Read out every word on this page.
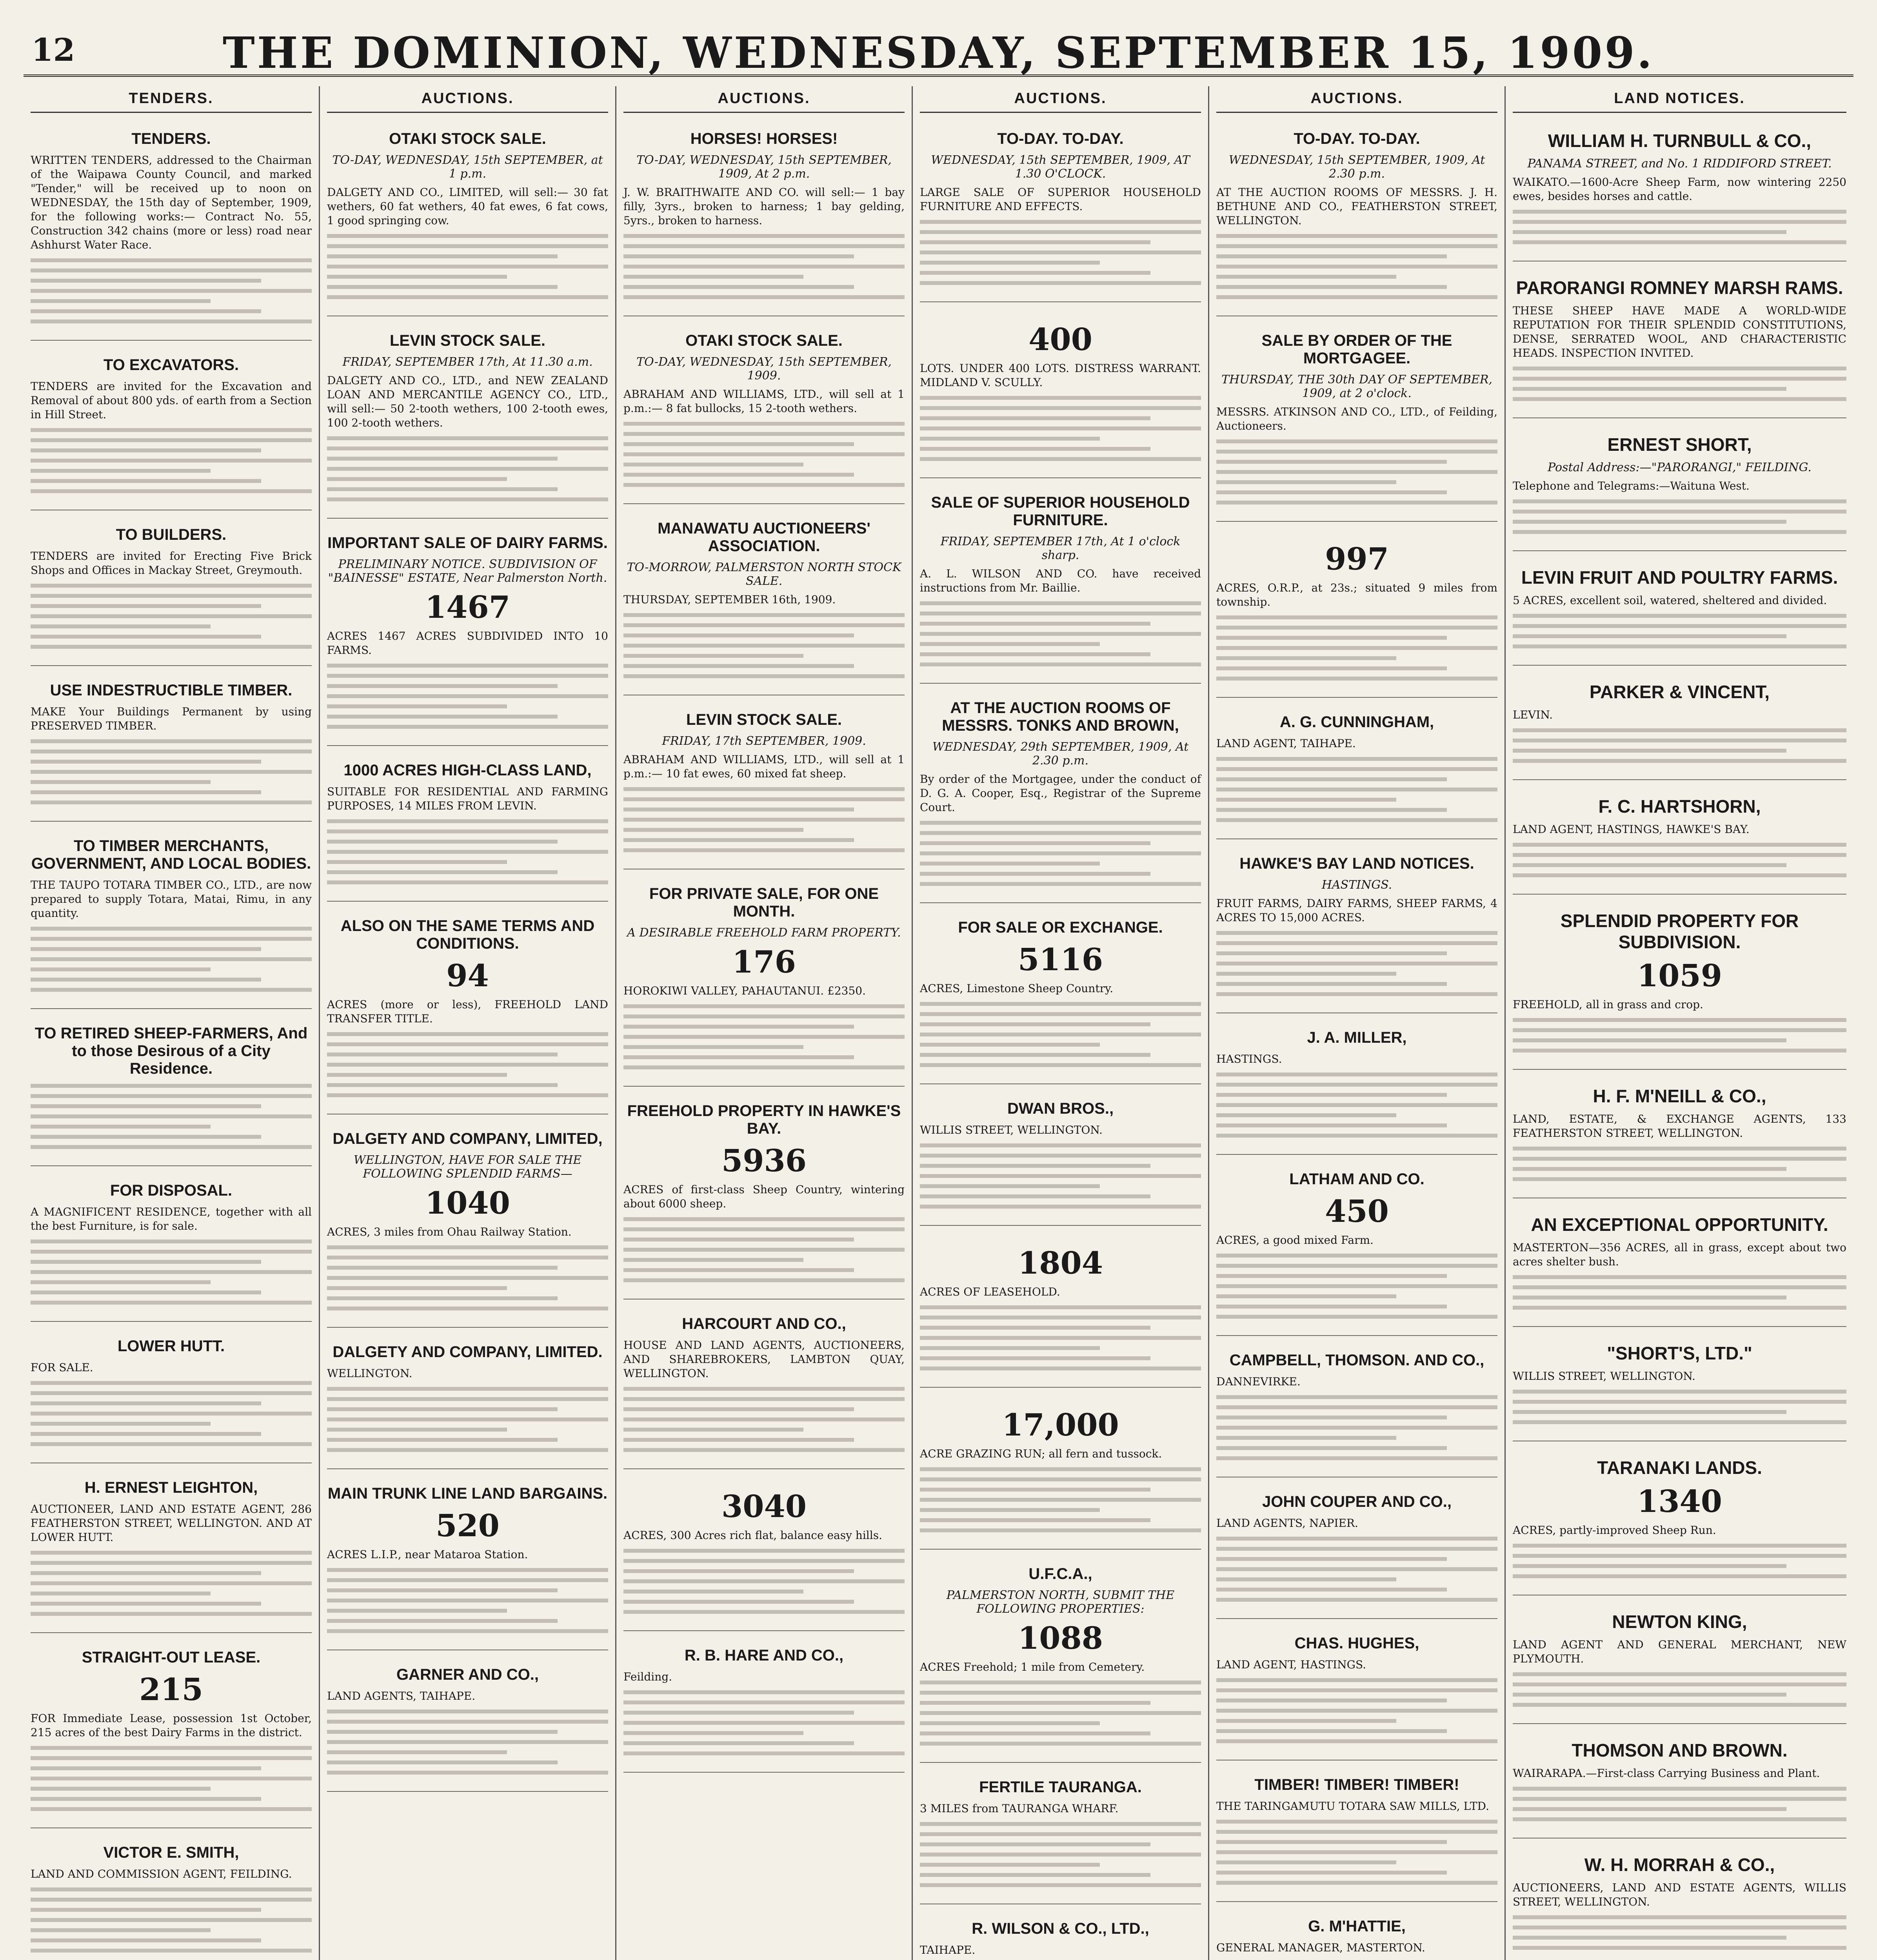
12	THE DOMINION, WEDNESDAY, SEPTEMBER 15, 1909.
TENDERS.
TENDERS.
WRITTEN TENDERS, addressed to the Chairman of the Waipawa County Council, and marked "Tender," will be received up to noon on WEDNESDAY, the 15th day of September, 1909, for the following works:— Contract No. 55, Construction 342 chains (more or less) road near Ashhurst Water Race.
TO EXCAVATORS.
TENDERS are invited for the Excavation and Removal of about 800 yds. of earth from a Section in Hill Street.
TO BUILDERS.
TENDERS are invited for Erecting Five Brick Shops and Offices in Mackay Street, Greymouth.
USE INDESTRUCTIBLE TIMBER.
MAKE Your Buildings Permanent by using PRESERVED TIMBER.
TO TIMBER MERCHANTS, GOVERNMENT, AND LOCAL BODIES.
THE TAUPO TOTARA TIMBER CO., LTD., are now prepared to supply Totara, Matai, Rimu, in any quantity.
TO RETIRED SHEEP-FARMERS, And to those Desirous of a City Residence.
FOR DISPOSAL.
A MAGNIFICENT RESIDENCE, together with all the best Furniture, is for sale.
LOWER HUTT.
FOR SALE.
H. ERNEST LEIGHTON,
AUCTIONEER, LAND AND ESTATE AGENT, 286 FEATHERSTON STREET, WELLINGTON. AND AT LOWER HUTT.
STRAIGHT-OUT LEASE.
215
FOR Immediate Lease, possession 1st October, 215 acres of the best Dairy Farms in the district.
VICTOR E. SMITH,
LAND AND COMMISSION AGENT, FEILDING.
AUCTIONS.
OTAKI STOCK SALE.
TO-DAY, WEDNESDAY, 15th SEPTEMBER, at 1 p.m.
DALGETY AND CO., LIMITED, will sell:— 30 fat wethers, 60 fat wethers, 40 fat ewes, 6 fat cows, 1 good springing cow.
LEVIN STOCK SALE.
FRIDAY, SEPTEMBER 17th, At 11.30 a.m.
DALGETY AND CO., LTD., and NEW ZEALAND LOAN AND MERCANTILE AGENCY CO., LTD., will sell:— 50 2-tooth wethers, 100 2-tooth ewes, 100 2-tooth wethers.
IMPORTANT SALE OF DAIRY FARMS.
PRELIMINARY NOTICE. SUBDIVISION OF "BAINESSE" ESTATE, Near Palmerston North.
1467
ACRES 1467 ACRES SUBDIVIDED INTO 10 FARMS.
1000 ACRES HIGH-CLASS LAND,
SUITABLE FOR RESIDENTIAL AND FARMING PURPOSES, 14 MILES FROM LEVIN.
ALSO ON THE SAME TERMS AND CONDITIONS.
94
ACRES (more or less), FREEHOLD LAND TRANSFER TITLE.
DALGETY AND COMPANY, LIMITED,
WELLINGTON, HAVE FOR SALE THE FOLLOWING SPLENDID FARMS—
1040
ACRES, 3 miles from Ohau Railway Station.
DALGETY AND COMPANY, LIMITED.
WELLINGTON.
MAIN TRUNK LINE LAND BARGAINS.
520
ACRES L.I.P., near Mataroa Station.
GARNER AND CO.,
LAND AGENTS, TAIHAPE.
AUCTIONS.
HORSES! HORSES!
TO-DAY, WEDNESDAY, 15th SEPTEMBER, 1909, At 2 p.m.
J. W. BRAITHWAITE AND CO. will sell:— 1 bay filly, 3yrs., broken to harness; 1 bay gelding, 5yrs., broken to harness.
OTAKI STOCK SALE.
TO-DAY, WEDNESDAY, 15th SEPTEMBER, 1909.
ABRAHAM AND WILLIAMS, LTD., will sell at 1 p.m.:— 8 fat bullocks, 15 2-tooth wethers.
MANAWATU AUCTIONEERS' ASSOCIATION.
TO-MORROW, PALMERSTON NORTH STOCK SALE.
THURSDAY, SEPTEMBER 16th, 1909.
LEVIN STOCK SALE.
FRIDAY, 17th SEPTEMBER, 1909.
ABRAHAM AND WILLIAMS, LTD., will sell at 1 p.m.:— 10 fat ewes, 60 mixed fat sheep.
FOR PRIVATE SALE, FOR ONE MONTH.
A DESIRABLE FREEHOLD FARM PROPERTY.
176
HOROKIWI VALLEY, PAHAUTANUI. £2350.
FREEHOLD PROPERTY IN HAWKE'S BAY.
5936
ACRES of first-class Sheep Country, wintering about 6000 sheep.
HARCOURT AND CO.,
HOUSE AND LAND AGENTS, AUCTIONEERS, AND SHAREBROKERS, LAMBTON QUAY, WELLINGTON.
3040
ACRES, 300 Acres rich flat, balance easy hills.
R. B. HARE AND CO.,
Feilding.
AUCTIONS.
TO-DAY. TO-DAY.
WEDNESDAY, 15th SEPTEMBER, 1909, AT 1.30 O'CLOCK.
LARGE SALE OF SUPERIOR HOUSEHOLD FURNITURE AND EFFECTS.
400
LOTS. UNDER 400 LOTS. DISTRESS WARRANT. MIDLAND V. SCULLY.
SALE OF SUPERIOR HOUSEHOLD FURNITURE.
FRIDAY, SEPTEMBER 17th, At 1 o'clock sharp.
A. L. WILSON AND CO. have received instructions from Mr. Baillie.
AT THE AUCTION ROOMS OF MESSRS. TONKS AND BROWN,
WEDNESDAY, 29th SEPTEMBER, 1909, At 2.30 p.m.
By order of the Mortgagee, under the conduct of D. G. A. Cooper, Esq., Registrar of the Supreme Court.
FOR SALE OR EXCHANGE.
5116
ACRES, Limestone Sheep Country.
DWAN BROS.,
WILLIS STREET, WELLINGTON.
1804
ACRES OF LEASEHOLD.
17,000
ACRE GRAZING RUN; all fern and tussock.
U.F.C.A.,
PALMERSTON NORTH, SUBMIT THE FOLLOWING PROPERTIES:
1088
ACRES Freehold; 1 mile from Cemetery.
FERTILE TAURANGA.
3 MILES from TAURANGA WHARF.
R. WILSON & CO., LTD.,
TAIHAPE.
AUCTIONS.
TO-DAY. TO-DAY.
WEDNESDAY, 15th SEPTEMBER, 1909, At 2.30 p.m.
AT THE AUCTION ROOMS OF MESSRS. J. H. BETHUNE AND CO., FEATHERSTON STREET, WELLINGTON.
SALE BY ORDER OF THE MORTGAGEE.
THURSDAY, THE 30th DAY OF SEPTEMBER, 1909, at 2 o'clock.
MESSRS. ATKINSON AND CO., LTD., of Feilding, Auctioneers.
997
ACRES, O.R.P., at 23s.; situated 9 miles from township.
A. G. CUNNINGHAM,
LAND AGENT, TAIHAPE.
HAWKE'S BAY LAND NOTICES.
HASTINGS.
FRUIT FARMS, DAIRY FARMS, SHEEP FARMS, 4 ACRES TO 15,000 ACRES.
J. A. MILLER,
HASTINGS.
LATHAM AND CO.
450
ACRES, a good mixed Farm.
CAMPBELL, THOMSON. AND CO.,
DANNEVIRKE.
JOHN COUPER AND CO.,
LAND AGENTS, NAPIER.
CHAS. HUGHES,
LAND AGENT, HASTINGS.
TIMBER! TIMBER! TIMBER!
THE TARINGAMUTU TOTARA SAW MILLS, LTD.
G. M'HATTIE,
GENERAL MANAGER, MASTERTON.
LAND NOTICES.
WILLIAM H. TURNBULL & CO.,
PANAMA STREET, and No. 1 RIDDIFORD STREET.
WAIKATO.—1600-Acre Sheep Farm, now wintering 2250 ewes, besides horses and cattle.
PARORANGI ROMNEY MARSH RAMS.
THESE SHEEP HAVE MADE A WORLD-WIDE REPUTATION FOR THEIR SPLENDID CONSTITUTIONS, DENSE, SERRATED WOOL, AND CHARACTERISTIC HEADS. INSPECTION INVITED.
ERNEST SHORT,
Postal Address:—"PARORANGI," FEILDING.
Telephone and Telegrams:—Waituna West.
LEVIN FRUIT AND POULTRY FARMS.
5 ACRES, excellent soil, watered, sheltered and divided.
PARKER & VINCENT,
LEVIN.
F. C. HARTSHORN,
LAND AGENT, HASTINGS, HAWKE'S BAY.
SPLENDID PROPERTY FOR SUBDIVISION.
1059
FREEHOLD, all in grass and crop.
H. F. M'NEILL & CO.,
LAND, ESTATE, & EXCHANGE AGENTS, 133 FEATHERSTON STREET, WELLINGTON.
AN EXCEPTIONAL OPPORTUNITY.
MASTERTON—356 ACRES, all in grass, except about two acres shelter bush.
"SHORT'S, LTD."
WILLIS STREET, WELLINGTON.
TARANAKI LANDS.
1340
ACRES, partly-improved Sheep Run.
NEWTON KING,
LAND AGENT AND GENERAL MERCHANT, NEW PLYMOUTH.
THOMSON AND BROWN.
WAIRARAPA.—First-class Carrying Business and Plant.
W. H. MORRAH & CO.,
AUCTIONEERS, LAND AND ESTATE AGENTS, WILLIS STREET, WELLINGTON.
